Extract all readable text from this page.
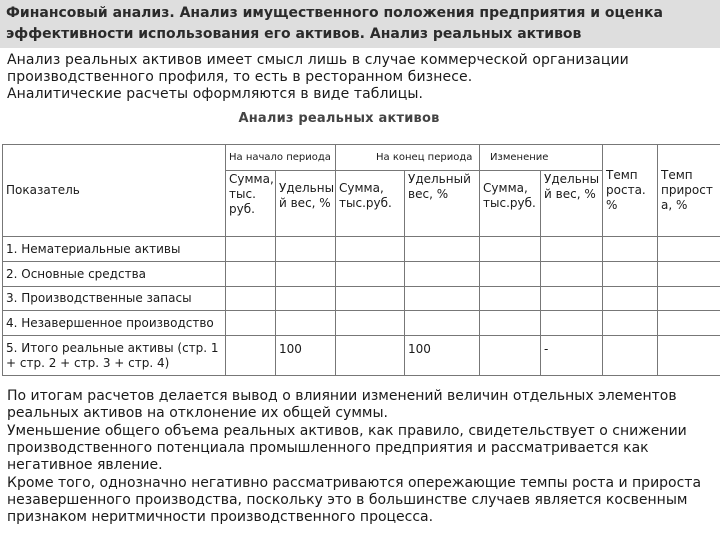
Финансовый анализ. Анализ имущественного положения предприятия и оценка
эффективности использования его активов. Анализ реальных активов

Анализ реальных активов имеет смысл лишь в случае коммерческой организации производственного профиля, то есть в ресторанном бизнесе.

Аналитические расчеты оформляются в виде таблицы.

Анализ реальных активов
Показатель	На начало периода		На конец периода		Изменение		Темп роста. %	Темп прирост а, %
	Сумма, тыс. руб.	Удельны й вес, %	Сумма, тыс.руб.	Удельный вес, %	Сумма, тыс.руб.	Удельны й вес, %		
1. Нематериальные активы								
2. Основные средства								
3. Производственные запасы								
4. Незавершенное производство								
5. Итого реальные активы (стр. 1 + стр. 2 + стр. 3 + стр. 4)		100		100		-		

По итогам расчетов делается вывод о влиянии изменений величин отдельных элементов реальных активов на отклонение их общей суммы.

Уменьшение общего объема реальных активов, как правило, свидетельствует о снижении производственного потенциала промышленного предприятия и рассматривается как негативное явление.

Кроме того, однозначно негативно рассматриваются опережающие темпы роста и прироста незавершенного производства, поскольку это в большинстве случаев является косвенным признаком неритмичности производственного процесса.
